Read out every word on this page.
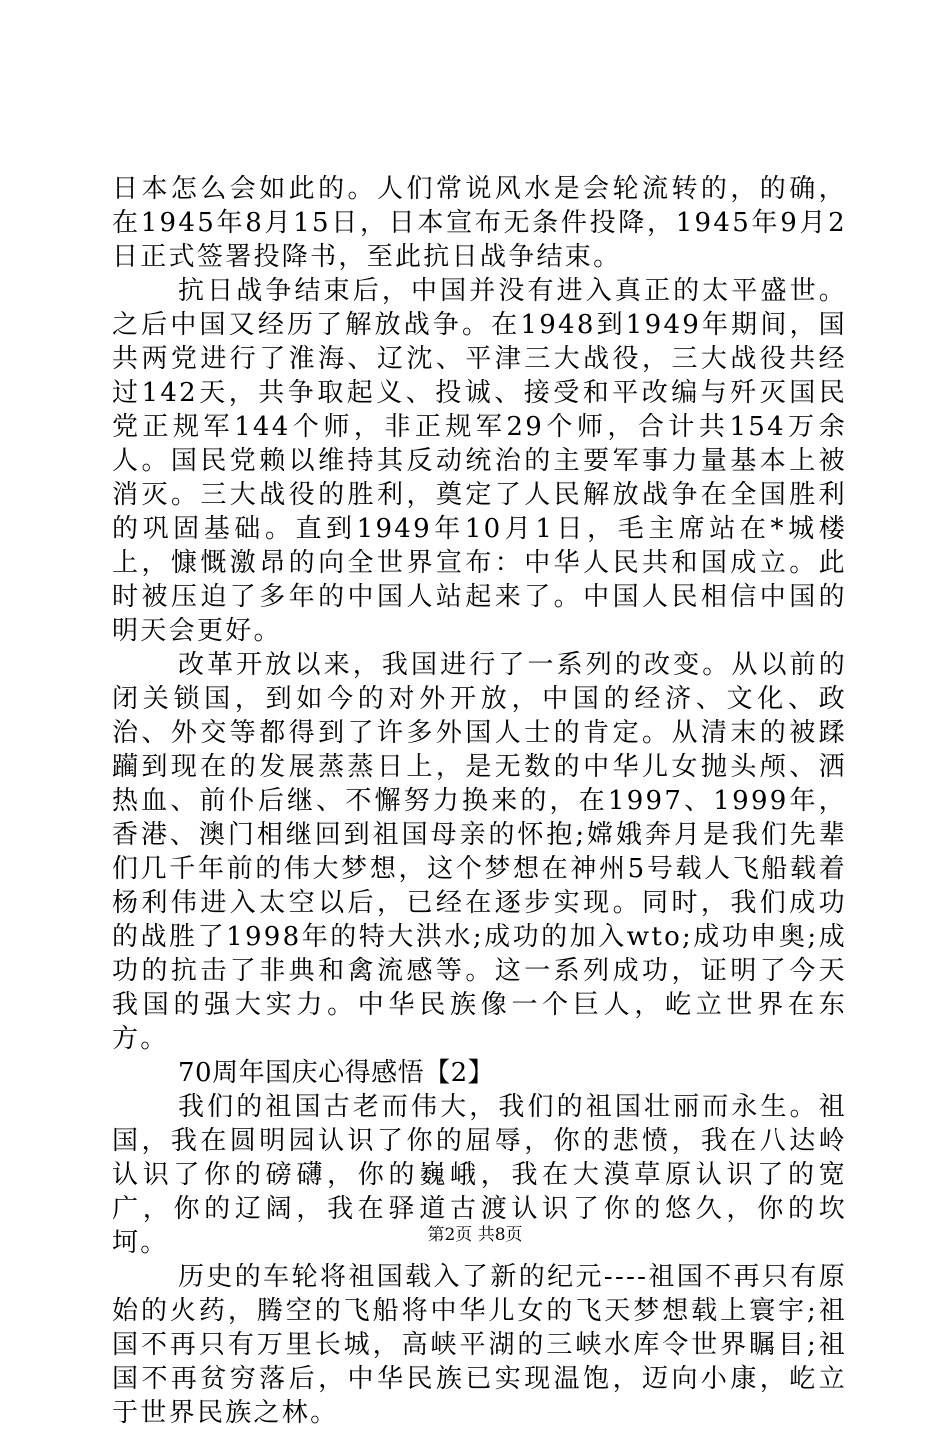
日本怎么会如此的。人们常说风水是会轮流转的，的确，在1945年8月15日，日本宣布无条件投降，1945年9月2日正式签署投降书，至此抗日战争结束。

抗日战争结束后，中国并没有进入真正的太平盛世。之后中国又经历了解放战争。在1948到1949年期间，国共两党进行了淮海、辽沈、平津三大战役，三大战役共经过142天，共争取起义、投诚、接受和平改编与歼灭国民党正规军144个师，非正规军29个师，合计共154万余人。国民党赖以维持其反动统治的主要军事力量基本上被消灭。三大战役的胜利，奠定了人民解放战争在全国胜利的巩固基础。直到1949年10月1日，毛主席站在*城楼上，慷慨激昂的向全世界宣布：中华人民共和国成立。此时被压迫了多年的中国人站起来了。中国人民相信中国的明天会更好。

改革开放以来，我国进行了一系列的改变。从以前的闭关锁国，到如今的对外开放，中国的经济、文化、政治、外交等都得到了许多外国人士的肯定。从清末的被蹂躏到现在的发展蒸蒸日上，是无数的中华儿女抛头颅、洒热血、前仆后继、不懈努力换来的，在1997、1999年，香港、澳门相继回到祖国母亲的怀抱;嫦娥奔月是我们先辈们几千年前的伟大梦想，这个梦想在神州5号载人飞船载着杨利伟进入太空以后，已经在逐步实现。同时，我们成功的战胜了1998年的特大洪水;成功的加入wto;成功申奥;成功的抗击了非典和禽流感等。这一系列成功，证明了今天我国的强大实力。中华民族像一个巨人，屹立世界在东方。

70周年国庆心得感悟【2】

我们的祖国古老而伟大，我们的祖国壮丽而永生。祖国，我在圆明园认识了你的屈辱，你的悲愤，我在八达岭认识了你的磅礴，你的巍峨，我在大漠草原认识了的宽广，你的辽阔，我在驿道古渡认识了你的悠久，你的坎坷。

历史的车轮将祖国载入了新的纪元----祖国不再只有原始的火药，腾空的飞船将中华儿女的飞天梦想载上寰宇;祖国不再只有万里长城，高峡平湖的三峡水库令世界瞩目;祖国不再贫穷落后，中华民族已实现温饱，迈向小康，屹立于世界民族之林。

第2页 共8页
